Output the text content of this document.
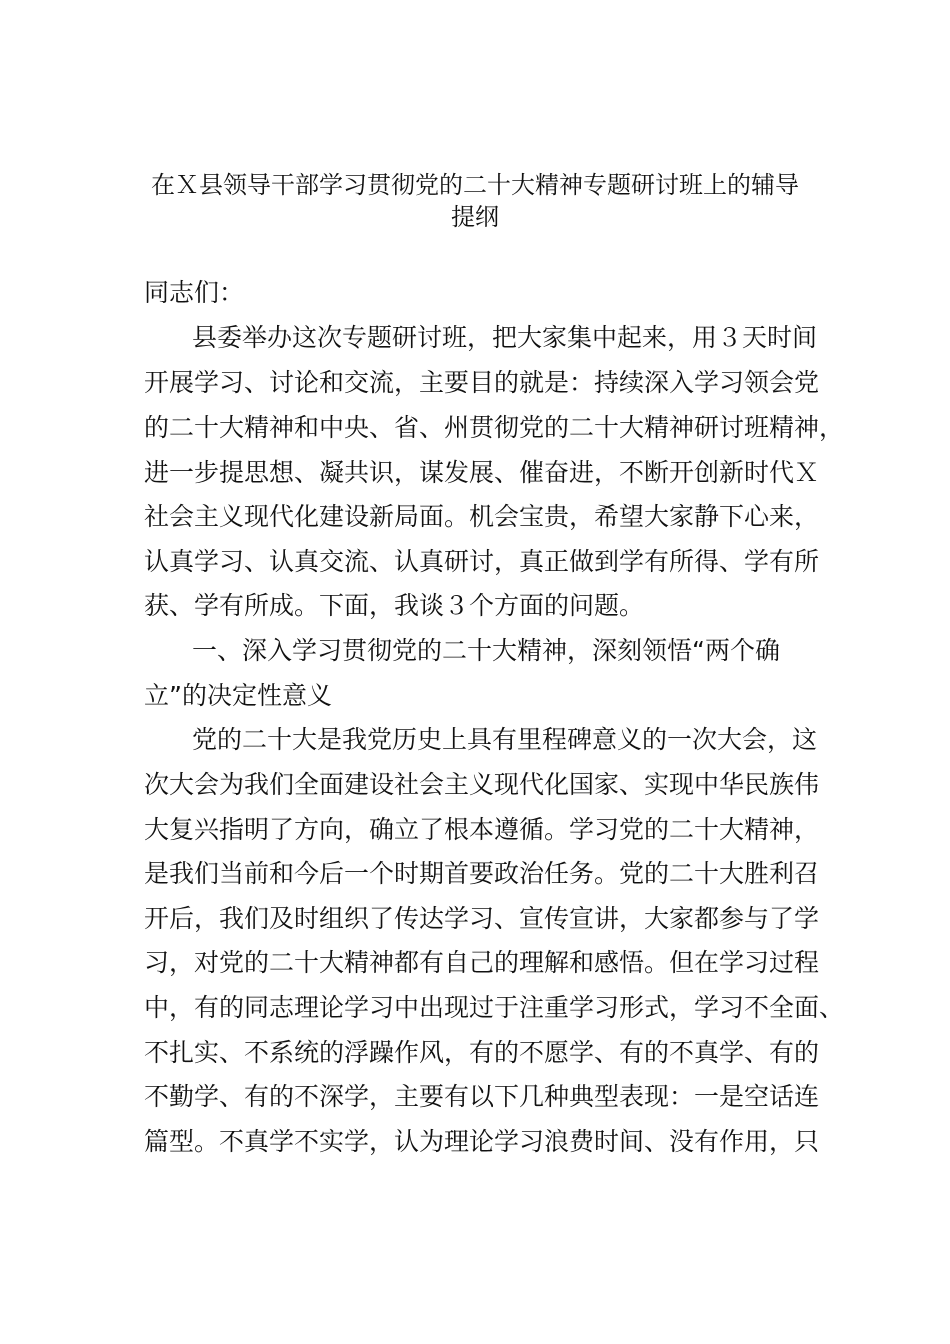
在Ｘ县领导干部学习贯彻党的二十大精神专题研讨班上的辅导
提纲
同志们：
县委举办这次专题研讨班，把大家集中起来，用３天时间
开展学习、讨论和交流，主要目的就是：持续深入学习领会党
的二十大精神和中央、省、州贯彻党的二十大精神研讨班精神，
进一步提思想、凝共识，谋发展、催奋进，不断开创新时代Ｘ
社会主义现代化建设新局面。机会宝贵，希望大家静下心来，
认真学习、认真交流、认真研讨，真正做到学有所得、学有所
获、学有所成。下面，我谈３个方面的问题。
一、深入学习贯彻党的二十大精神，深刻领悟“两个确
立”的决定性意义
党的二十大是我党历史上具有里程碑意义的一次大会，这
次大会为我们全面建设社会主义现代化国家、实现中华民族伟
大复兴指明了方向，确立了根本遵循。学习党的二十大精神，
是我们当前和今后一个时期首要政治任务。党的二十大胜利召
开后，我们及时组织了传达学习、宣传宣讲，大家都参与了学
习，对党的二十大精神都有自己的理解和感悟。但在学习过程
中，有的同志理论学习中出现过于注重学习形式，学习不全面、
不扎实、不系统的浮躁作风，有的不愿学、有的不真学、有的
不勤学、有的不深学，主要有以下几种典型表现：一是空话连
篇型。不真学不实学，认为理论学习浪费时间、没有作用，只
